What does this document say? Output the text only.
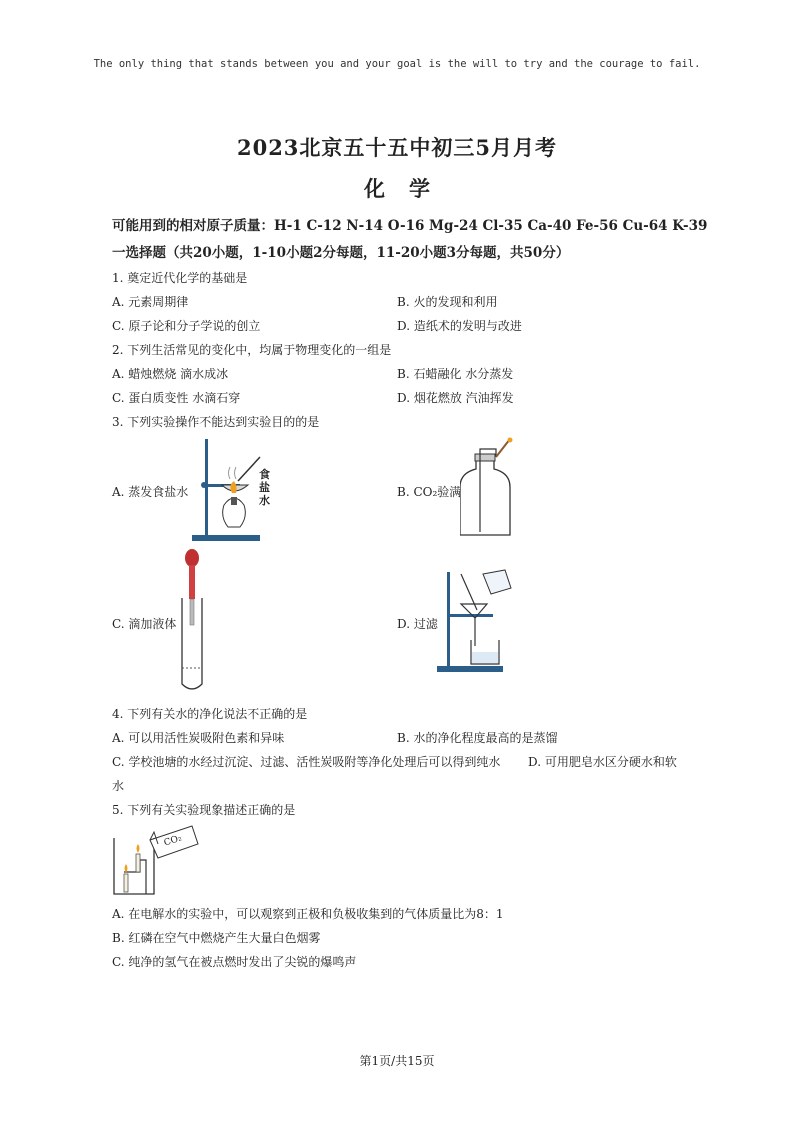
The only thing that stands between you and your goal is the will to try and the courage to fail.
2023北京五十五中初三5月月考
化学
可能用到的相对原子质量：H-1 C-12 N-14 O-16 Mg-24 Cl-35 Ca-40 Fe-56 Cu-64 K-39
一选择题（共20小题，1-10小题2分每题，11-20小题3分每题，共50分）
1. 奠定近代化学的基础是
A. 元素周期律	B. 火的发现和利用
C. 原子论和分子学说的创立	D. 造纸术的发明与改进
2. 下列生活常见的变化中，均属于物理变化的一组是
A. 蜡烛燃烧 滴水成冰	B. 石蜡融化 水分蒸发
C. 蛋白质变性 水滴石穿	D. 烟花燃放 汽油挥发
3. 下列实验操作不能达到实验目的的是
A. 蒸发食盐水	B. CO₂验满
C. 滴加液体	D. 过滤
食盐水
4. 下列有关水的净化说法不正确的是
A. 可以用活性炭吸附色素和异味	B. 水的净化程度最高的是蒸馏
C. 学校池塘的水经过沉淀、过滤、活性炭吸附等净化处理后可以得到纯水 D. 可用肥皂水区分硬水和软
水
5. 下列有关实验现象描述正确的是
CO₂
A. 在电解水的实验中，可以观察到正极和负极收集到的气体质量比为8：1
B. 红磷在空气中燃烧产生大量白色烟雾
C. 纯净的氢气在被点燃时发出了尖锐的爆鸣声
第1页/共15页
